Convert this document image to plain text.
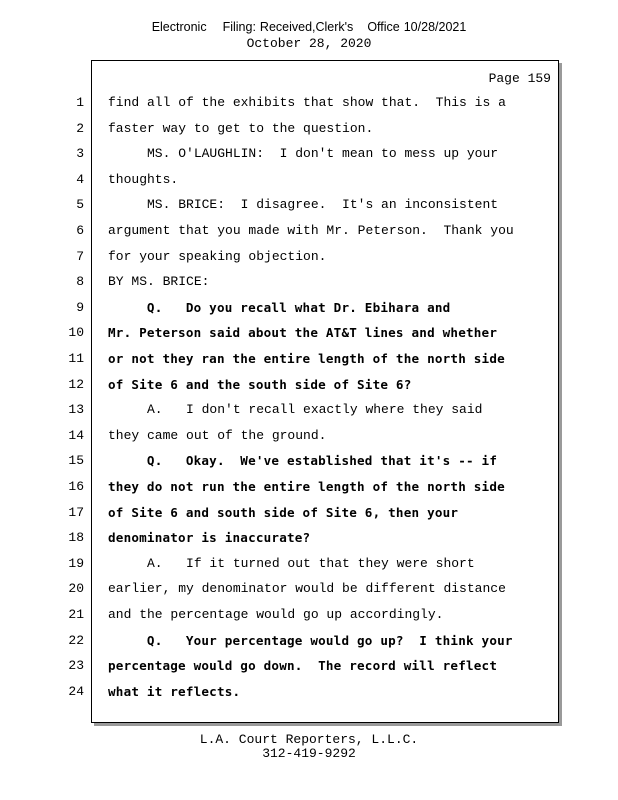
Electronic Filing: Received,Clerk's Office 10/28/2021
October 28, 2020
Page 159
1 find all of the exhibits that show that.  This is a
2 faster way to get to the question.
3 MS. O'LAUGHLIN:  I don't mean to mess up your
4 thoughts.
5 MS. BRICE:  I disagree.  It's an inconsistent
6 argument that you made with Mr. Peterson.  Thank you
7 for your speaking objection.
8 BY MS. BRICE:
9 Q.   Do you recall what Dr. Ebihara and
10 Mr. Peterson said about the AT&T lines and whether
11 or not they ran the entire length of the north side
12 of Site 6 and the south side of Site 6?
13 A.   I don't recall exactly where they said
14 they came out of the ground.
15 Q.   Okay.  We've established that it's -- if
16 they do not run the entire length of the north side
17 of Site 6 and south side of Site 6, then your
18 denominator is inaccurate?
19 A.   If it turned out that they were short
20 earlier, my denominator would be different distance
21 and the percentage would go up accordingly.
22 Q.   Your percentage would go up?  I think your
23 percentage would go down.  The record will reflect
24 what it reflects.
L.A. Court Reporters, L.L.C.
312-419-9292
